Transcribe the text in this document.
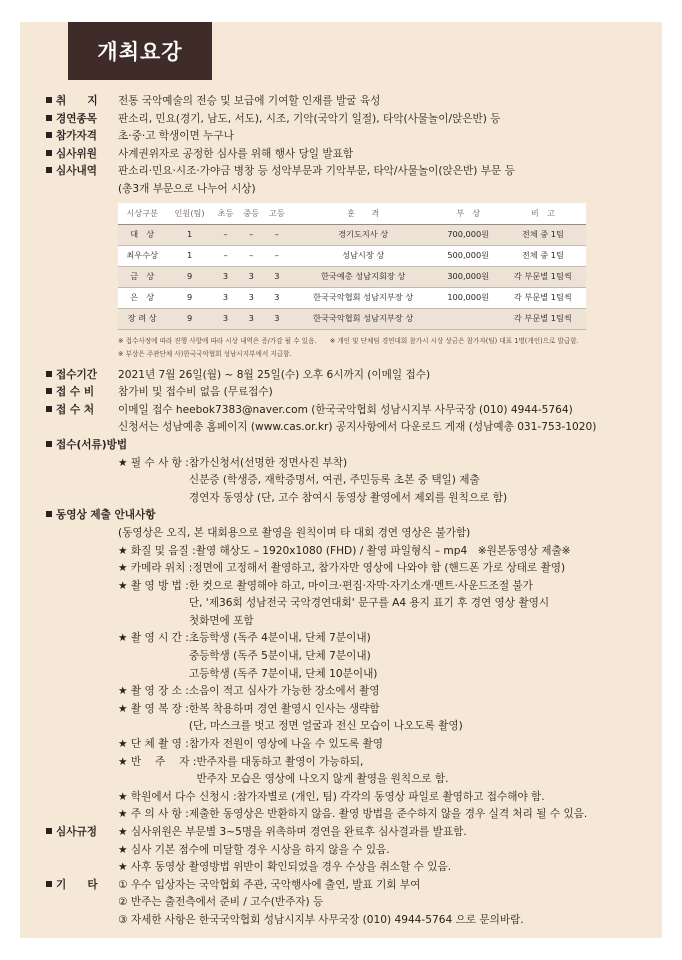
개최요강
취　　지	전통 국악예술의 전승 및 보급에 기여할 인재를 발굴 육성
경연종목	판소리, 민요(경기, 남도, 서도), 시조, 기악(국악기 일절), 타악(사물놀이/앉은반) 등
참가자격	초·중·고 학생이면 누구나
심사위원	사계권위자로 공정한 심사를 위해 행사 당일 발표함
심사내역	판소리·민요·시조·가야금 병창 등 성악부문과 기악부문, 타악/사물놀이(앉은반) 부문 등
(총3개 부문으로 나누어 시상)
시상구분	인원(팀)	초등	중등	고등	훈　　격	부　상	비　고
대　상	1	–	–	–	경기도지사 상	700,000원	전체 중 1팀
최우수상	1	–	–	–	성남시장 상	500,000원	전체 중 1팀
금　상	9	3	3	3	한국예총 성남지회장 상	300,000원	각 부문별 1팀씩
은　상	9	3	3	3	한국국악협회 성남지부장 상	100,000원	각 부문별 1팀씩
장 려 상	9	3	3	3	한국국악협회 성남지부장 상		각 부문별 1팀씩
※ 접수사정에 따라 진행 사항에 따라 시상 내역은 증/가감 될 수 있음.　　※ 개인 및 단체팀 경연대회 참가시 시상 상금은 참가자(팀) 대표 1명(개인)으로 발급함.
※ 부상은 주관단체 사)한국국악협회 성남시지부에서 지급함.
접수기간	2021년 7월 26일(월) ~ 8월 25일(수) 오후 6시까지 (이메일 접수)
접 수 비	참가비 및 접수비 없음 (무료접수)
접 수 처	이메일 접수 heebok7383@naver.com (한국국악협회 성남시지부 사무국장 (010) 4944-5764)
신청서는 성남예총 홈페이지 (www.cas.or.kr) 공지사항에서 다운로드 게재 (성남예총 031-753-1020)
접수(서류)방법
★ 필 수 사 항 : 참가신청서(선명한 정면사진 부착)
신분증 (학생증, 재학증명서, 여권, 주민등록 초본 중 택일) 제출
경연자 동영상 (단, 고수 참여시 동영상 촬영에서 제외를 원칙으로 함)
동영상 제출 안내사항
(동영상은 오직, 본 대회용으로 촬영을 원칙이며 타 대회 경연 영상은 불가함)
★ 화질 및 음질 : 촬영 해상도 – 1920x1080 (FHD) / 촬영 파일형식 – mp4　※원본동영상 제출※
★ 카메라 위치 : 정면에 고정해서 촬영하고, 참가자만 영상에 나와야 함 (핸드폰 가로 상태로 촬영)
★ 촬 영 방 법 : 한 컷으로 촬영해야 하고, 마이크·편집·자막·자기소개·멘트·사운드조절 불가
단, '제36회 성남전국 국악경연대회' 문구를 A4 용지 표기 후 경연 영상 촬영시
첫화면에 포함
★ 촬 영 시 간 : 초등학생 (독주 4분이내, 단체 7분이내)
중등학생 (독주 5분이내, 단체 7분이내)
고등학생 (독주 7분이내, 단체 10분이내)
★ 촬 영 장 소 : 소음이 적고 심사가 가능한 장소에서 촬영
★ 촬 영 복 장 : 한복 착용하며 경연 촬영시 인사는 생략함
(단, 마스크를 벗고 정면 얼굴과 전신 모습이 나오도록 촬영)
★ 단 체 촬 영 : 참가자 전원이 영상에 나올 수 있도록 촬영
★ 반　 주　 자 : 반주자를 대동하고 촬영이 가능하되,
반주자 모습은 영상에 나오지 않게 촬영을 원칙으로 함.
★ 학원에서 다수 신청시 : 참가자별로 (개인, 팀) 각각의 동영상 파일로 촬영하고 접수해야 함.
★ 주 의 사 항 : 제출한 동영상은 반환하지 않음. 촬영 방법을 준수하지 않을 경우 실격 처리 될 수 있음.
심사규정	★ 심사위원은 부문별 3~5명을 위촉하며 경연을 완료후 심사결과를 발표함.
★ 심사 기본 점수에 미달할 경우 시상을 하지 않을 수 있음.
★ 사후 동영상 촬영방법 위반이 확인되었을 경우 수상을 취소할 수 있음.
기　　타	① 우수 입상자는 국악협회 주관, 국악행사에 출연, 발표 기회 부여
② 반주는 출전측에서 준비 / 고수(반주자) 등
③ 자세한 사항은 한국국악협회 성남시지부 사무국장 (010) 4944-5764 으로 문의바람.
